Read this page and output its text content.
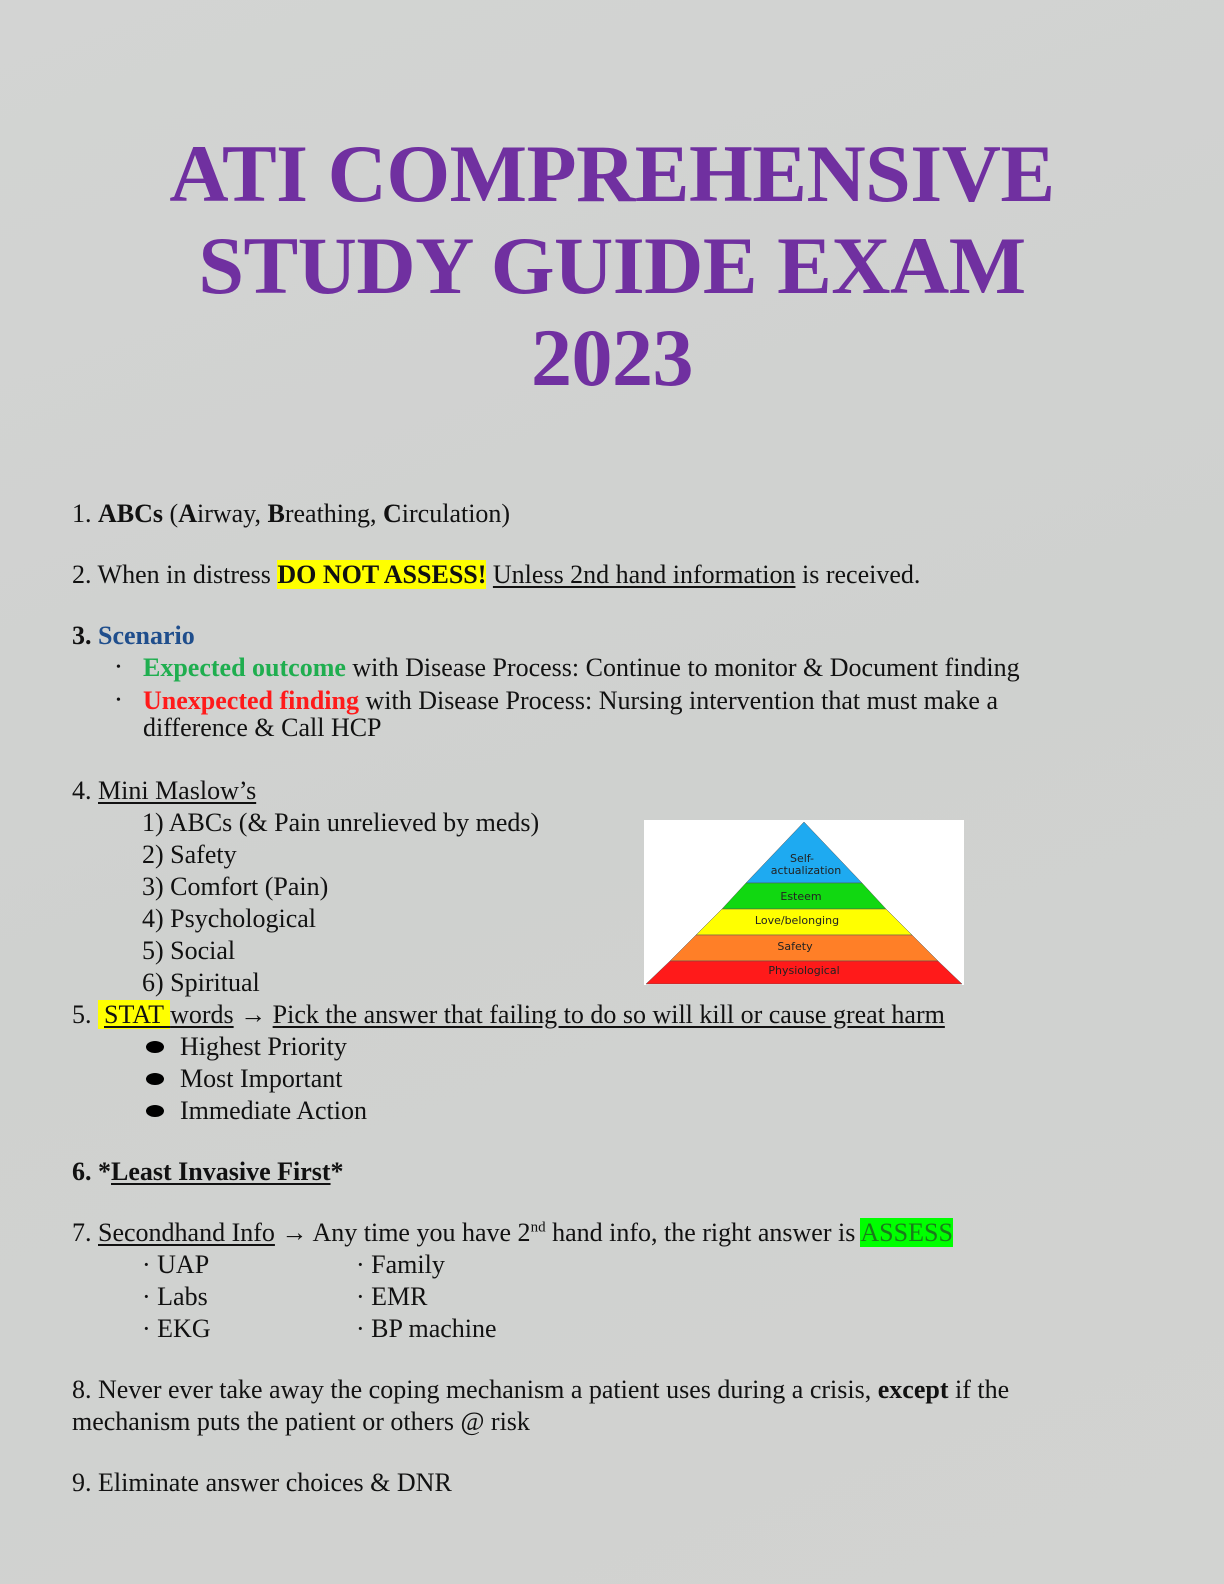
ATI COMPREHENSIVE
STUDY GUIDE EXAM
2023
1. ABCs (Airway, Breathing, Circulation)
2. When in distress DO NOT ASSESS! Unless 2nd hand information is received.
3. Scenario
• Expected outcome with Disease Process: Continue to monitor & Document finding
• Unexpected finding with Disease Process: Nursing intervention that must make a difference & Call HCP
4. Mini Maslow’s
1) ABCs (& Pain unrelieved by meds)
2) Safety
3) Comfort (Pain)
4) Psychological
5) Social
6) Spiritual
5. STAT words → Pick the answer that failing to do so will kill or cause great harm
Highest Priority
Most Important
Immediate Action
6. *Least Invasive First*
7. Secondhand Info → Any time you have 2nd hand info, the right answer is ASSESS
· UAP	· Family
· Labs	· EMR
· EKG	· BP machine
8. Never ever take away the coping mechanism a patient uses during a crisis, except if the
mechanism puts the patient or others @ risk
9. Eliminate answer choices & DNR
Self-
actualization
Esteem
Love/belonging
Safety
Physiological
